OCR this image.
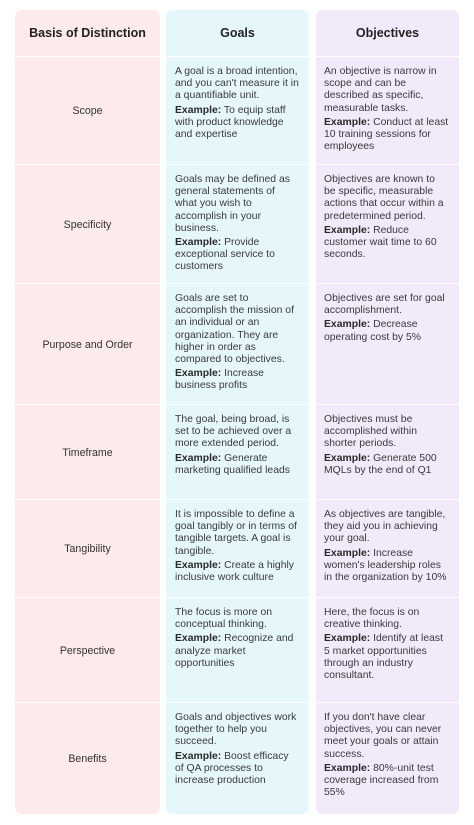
Basis of Distinction	Goals	Objectives
Scope

A goal is a broad intention, and you can't measure it in a quantifiable unit.

Example: To equip staff with product knowledge and expertise

An objective is narrow in scope and can be described as specific, measurable tasks.

Example: Conduct at least 10 training sessions for employees

Specificity

Goals may be defined as general statements of what you wish to accomplish in your business.

Example: Provide exceptional service to customers

Objectives are known to be specific, measurable actions that occur within a predetermined period.

Example: Reduce customer wait time to 60 seconds.

Purpose and Order

Goals are set to accomplish the mission of an individual or an organization. They are higher in order as compared to objectives.

Example: Increase business profits

Objectives are set for goal accomplishment.

Example: Decrease operating cost by 5%

Timeframe

The goal, being broad, is set to be achieved over a more extended period.

Example: Generate marketing qualified leads

Objectives must be accomplished within shorter periods.

Example: Generate 500 MQLs by the end of Q1

Tangibility

It is impossible to define a goal tangibly or in terms of tangible targets. A goal is tangible.

Example: Create a highly inclusive work culture

As objectives are tangible, they aid you in achieving your goal.

Example: Increase women's leadership roles in the organization by 10%

Perspective

The focus is more on conceptual thinking.

Example: Recognize and analyze market opportunities

Here, the focus is on creative thinking.

Example: Identify at least 5 market opportunities through an industry consultant.

Benefits

Goals and objectives work together to help you succeed.

Example: Boost efficacy of QA processes to increase production

If you don't have clear objectives, you can never meet your goals or attain success.

Example: 80%-unit test coverage increased from 55%
